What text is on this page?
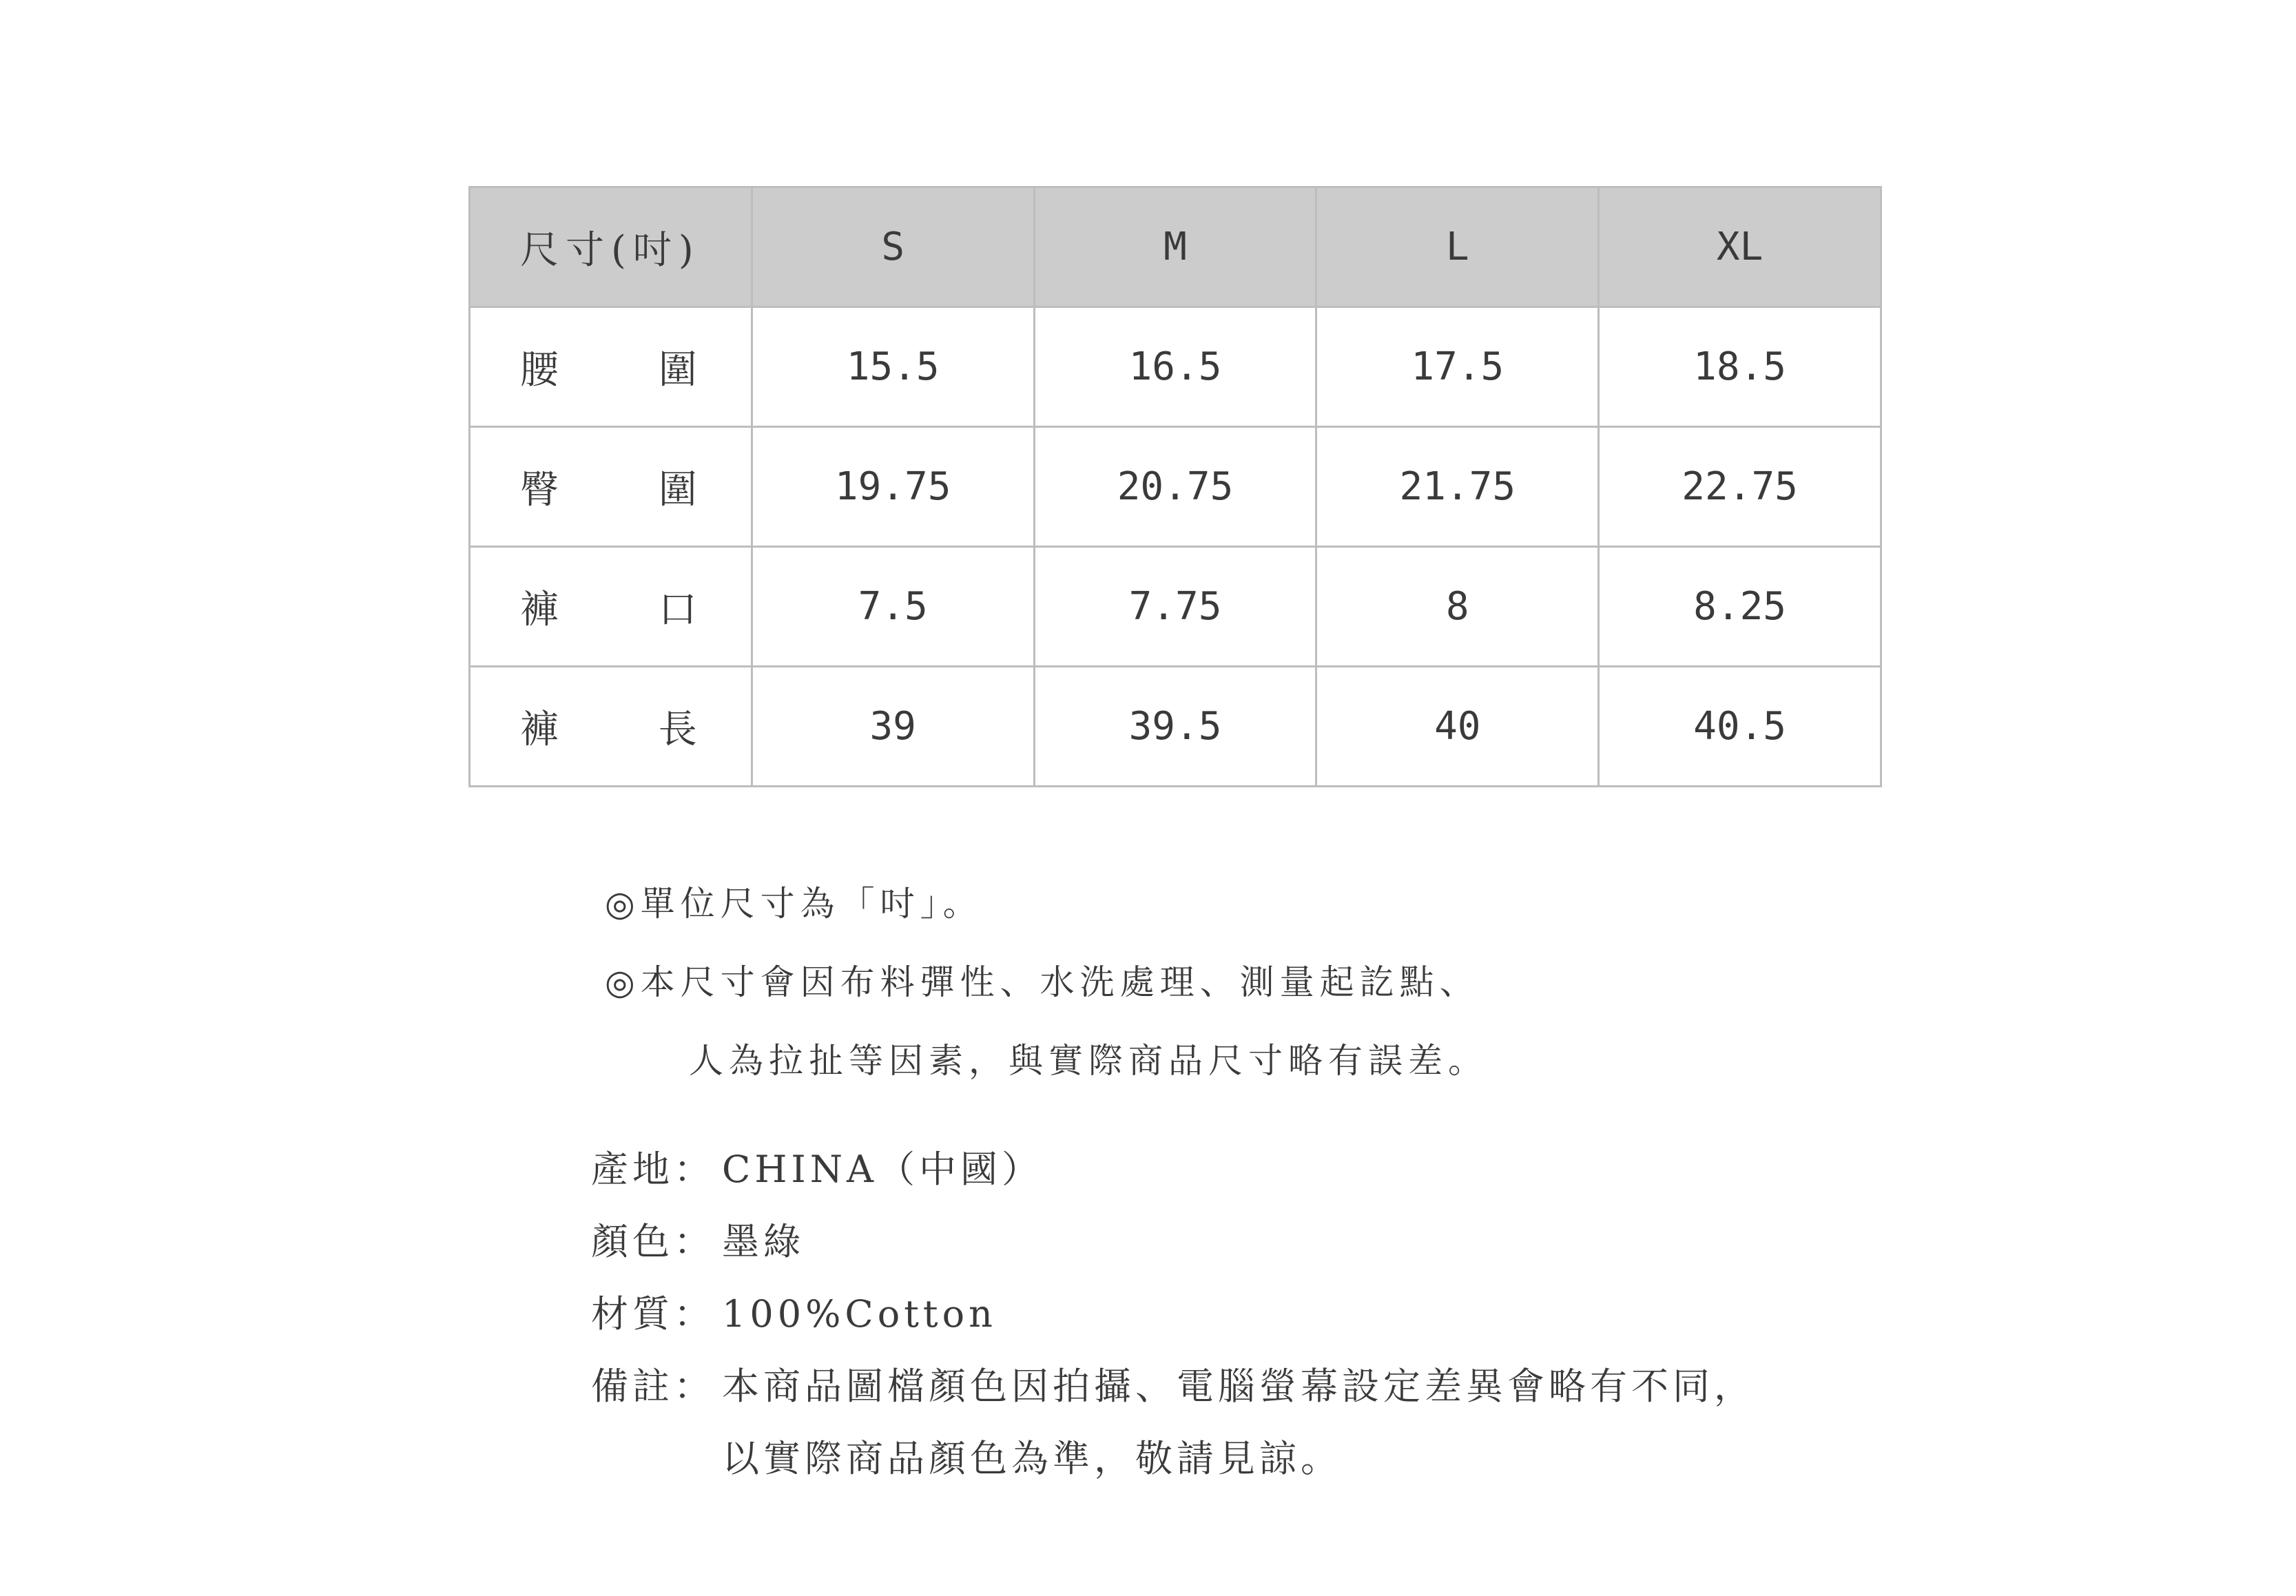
尺寸(吋)	S	M	L	XL

腰 圍	15.5	16.5	17.5	18.5

臀 圍	19.75	20.75	21.75	22.75

褲 口	7.5	7.75	8	8.25

褲 長	39	39.5	40	40.5
◎單位尺寸為「吋」。
◎本尺寸會因布料彈性、水洗處理、測量起訖點、
人為拉扯等因素，與實際商品尺寸略有誤差。
產地： CHINA（中國）
顏色： 墨綠
材質： 100%Cotton
備註： 本商品圖檔顏色因拍攝、電腦螢幕設定差異會略有不同，
以實際商品顏色為準，敬請見諒。
